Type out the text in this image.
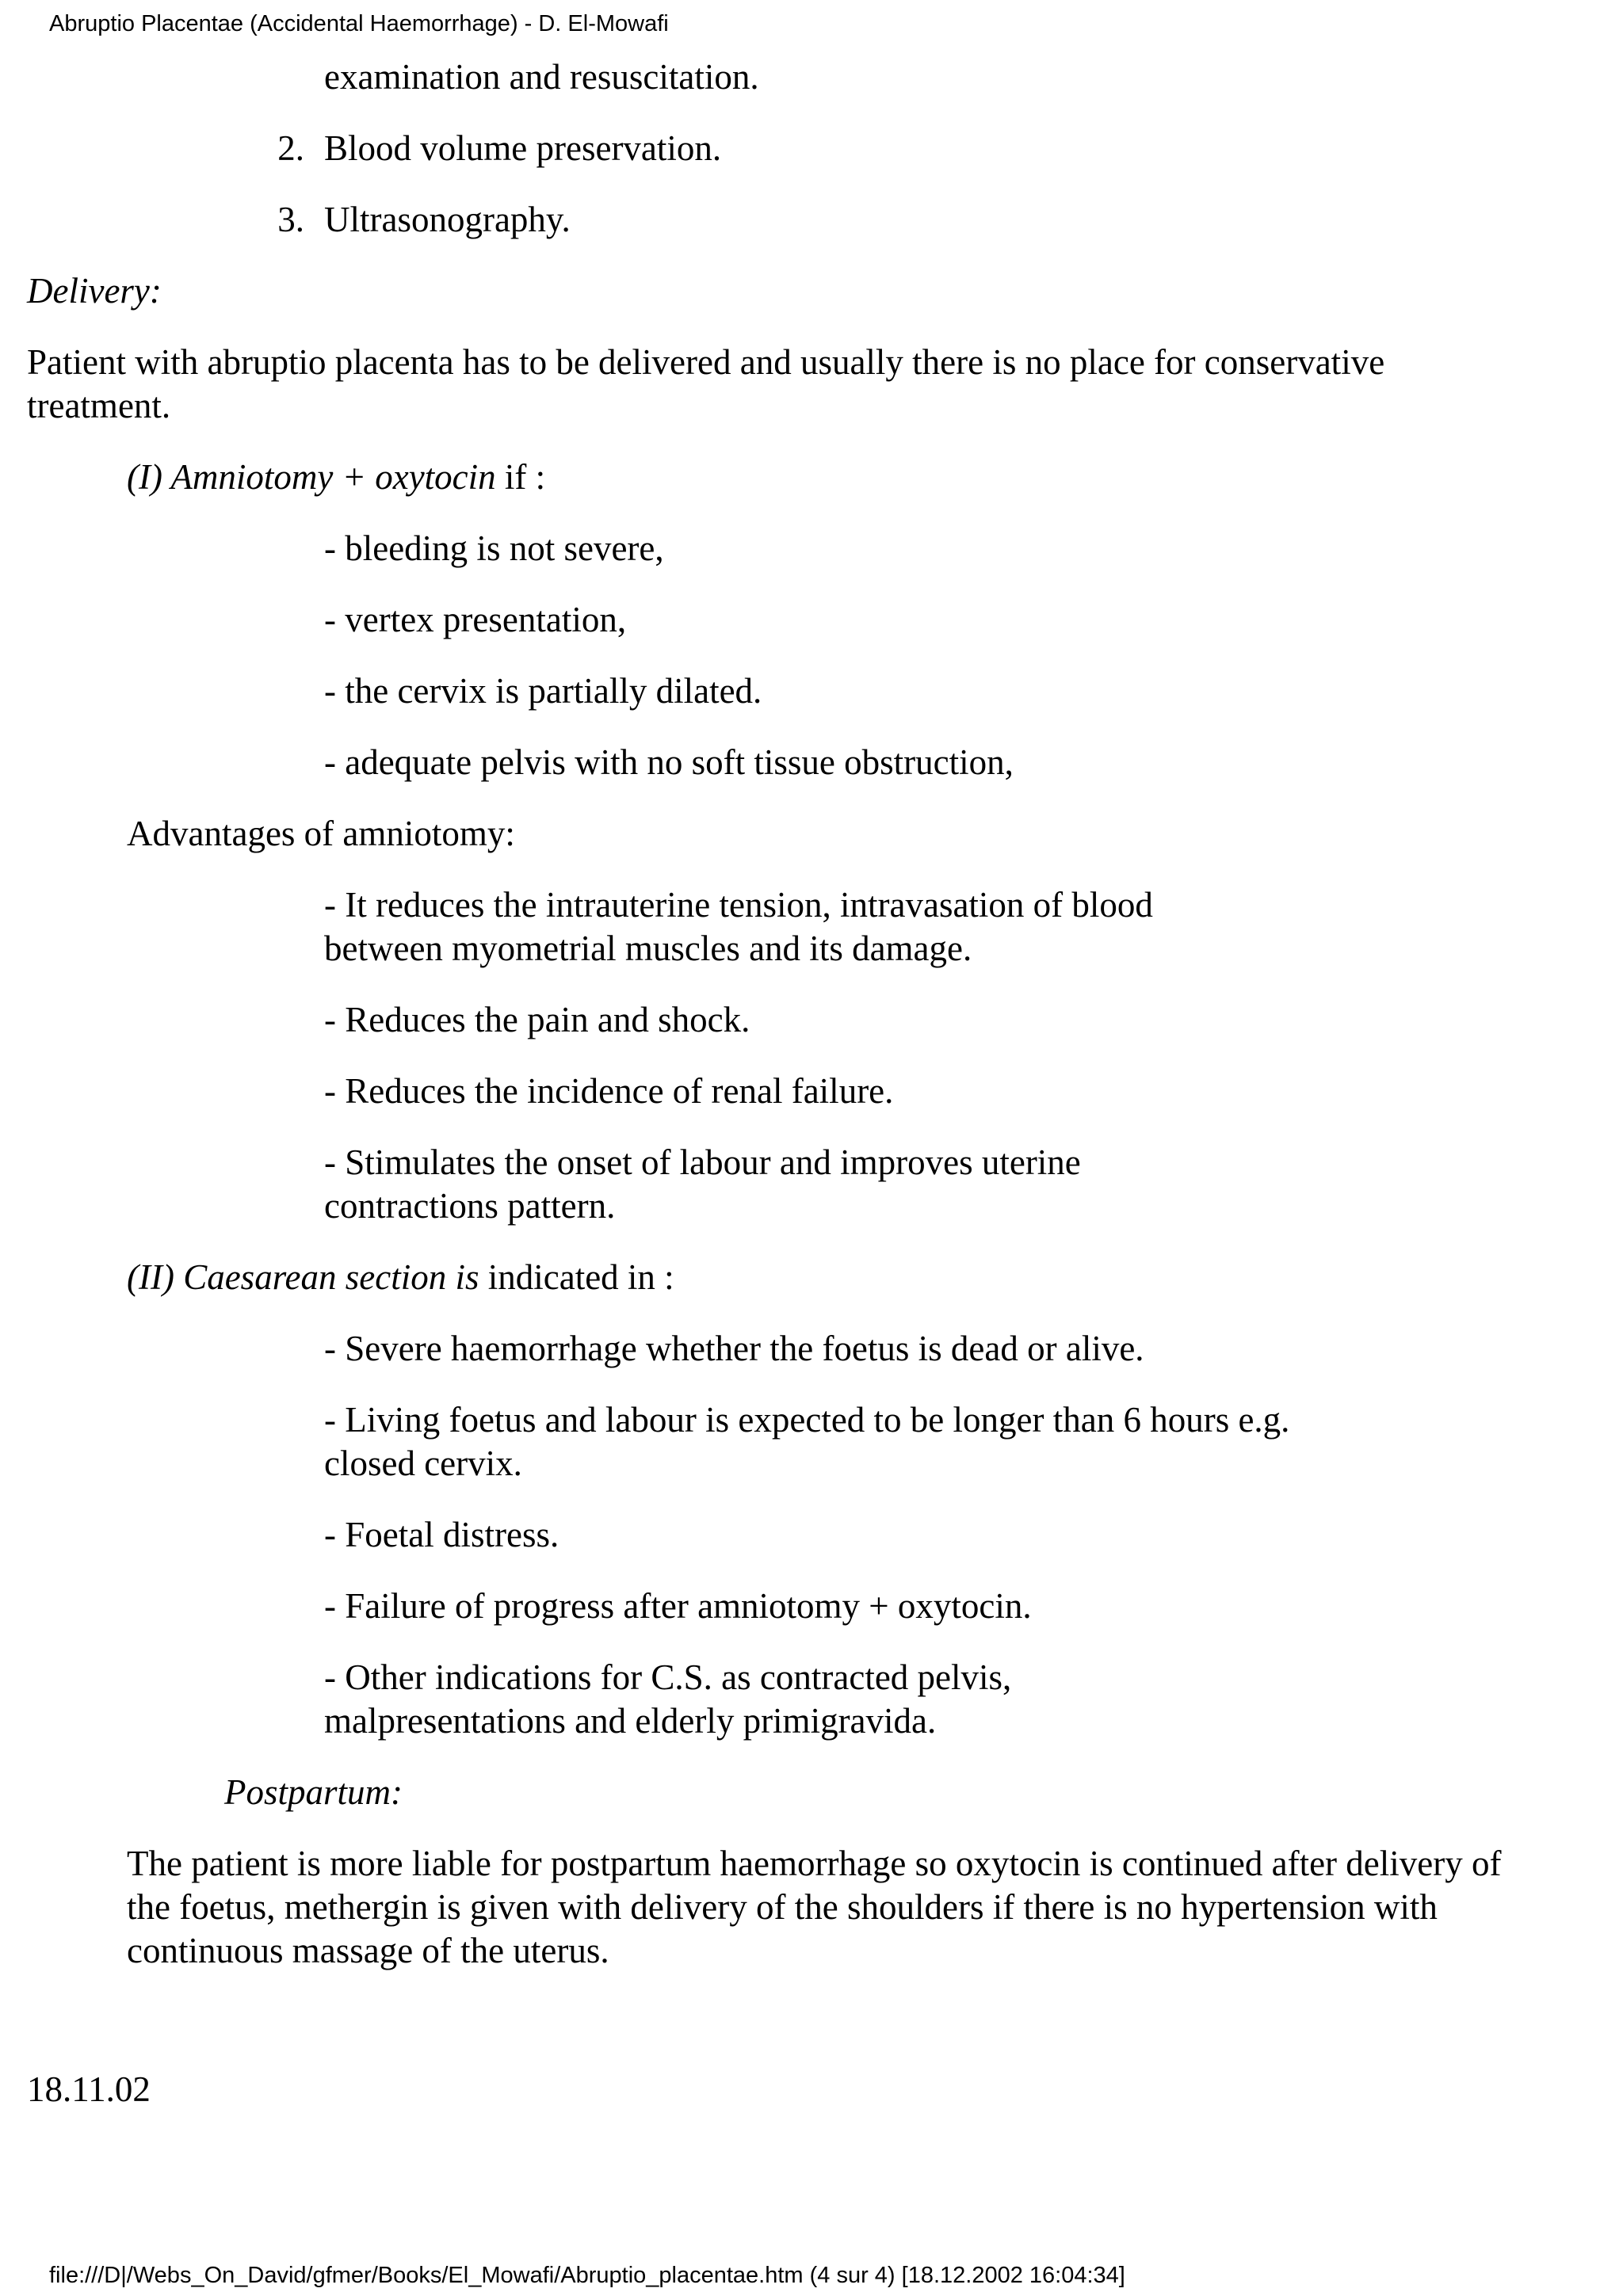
Abruptio Placentae (Accidental Haemorrhage) - D. El-Mowafi
examination and resuscitation.
2. Blood volume preservation.
3. Ultrasonography.
Delivery:
Patient with abruptio placenta has to be delivered and usually there is no place for conservative treatment.
(I) Amniotomy + oxytocin if :
- bleeding is not severe,
- vertex presentation,
- the cervix is partially dilated.
- adequate pelvis with no soft tissue obstruction,
Advantages of amniotomy:
- It reduces the intrauterine tension, intravasation of blood between myometrial muscles and its damage.
- Reduces the pain and shock.
- Reduces the incidence of renal failure.
- Stimulates the onset of labour and improves uterine contractions pattern.
(II) Caesarean section is indicated in :
- Severe haemorrhage whether the foetus is dead or alive.
- Living foetus and labour is expected to be longer than 6 hours e.g. closed cervix.
- Foetal distress.
- Failure of progress after amniotomy + oxytocin.
- Other indications for C.S. as contracted pelvis, malpresentations and elderly primigravida.
Postpartum:
The patient is more liable for postpartum haemorrhage so oxytocin is continued after delivery of the foetus, methergin is given with delivery of the shoulders if there is no hypertension with continuous massage of the uterus.
18.11.02
file:///D|/Webs_On_David/gfmer/Books/El_Mowafi/Abruptio_placentae.htm (4 sur 4) [18.12.2002 16:04:34]
